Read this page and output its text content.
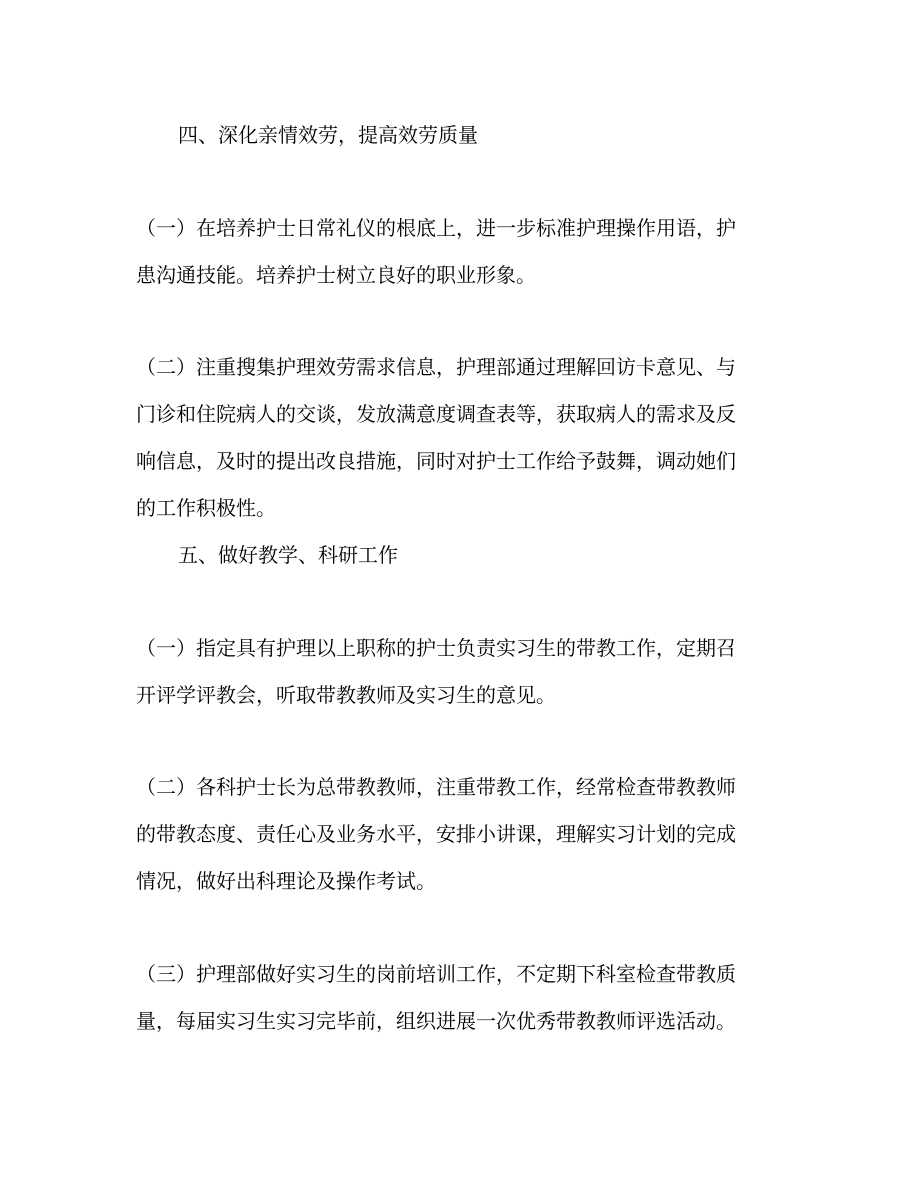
四、深化亲情效劳，提高效劳质量
（一）在培养护士日常礼仪的根底上，进一步标准护理操作用语，护
患沟通技能。培养护士树立良好的职业形象。
（二）注重搜集护理效劳需求信息，护理部通过理解回访卡意见、与
门诊和住院病人的交谈，发放满意度调查表等，获取病人的需求及反
响信息，及时的提出改良措施，同时对护士工作给予鼓舞，调动她们
的工作积极性。
五、做好教学、科研工作
（一）指定具有护理以上职称的护士负责实习生的带教工作，定期召
开评学评教会，听取带教教师及实习生的意见。
（二）各科护士长为总带教教师，注重带教工作，经常检查带教教师
的带教态度、责任心及业务水平，安排小讲课，理解实习计划的完成
情况，做好出科理论及操作考试。
（三）护理部做好实习生的岗前培训工作，不定期下科室检查带教质
量，每届实习生实习完毕前，组织进展一次优秀带教教师评选活动。
